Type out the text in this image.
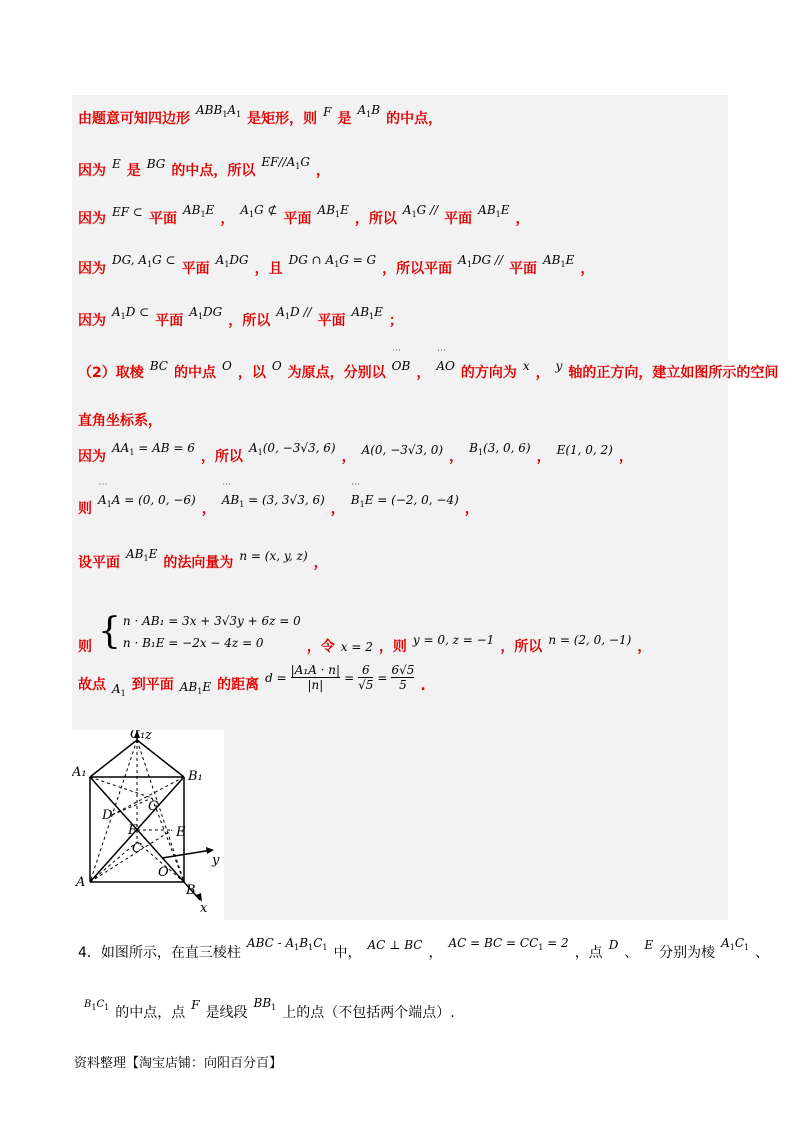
由题意可知四边形
$ABB_1A_1$ 是矩形，则 F 是
$A_1B$
的中点，
因为 E 是 BG 的中点，所以
$EF//A_1G$
，
因为 EF ⊂ 平面
$AB_1E$
，
$A_1G$ ⊄
平面
$AB_1E$
，所以
$A_1G$ //
平面
$AB_1E$
，
因为
DG, $A_1G$ ⊂
平面
$A_1DG$
，且
DG ∩ $A_1G = G$
，所以平面
$A_1DG$ //
平面
$AB_1E$
，
因为
$A_1D$ ⊂
平面
$A_1DG$
，所以
$A_1D$ //
平面
$AB_1E$
；
（2）取棱 BC 的中点 O ，以 O 为原点，分别以 ˙˙˙ OB ， ˙˙˙ AO 的方向为 x ， y 轴的正方向，建立如图所示的空间
直角坐标系，
因为
$AA_1$ = AB = 6
，所以
$A_1(0$, −3√3, 6)
， A(0, −3√3, 0) ，
$B_1(3$, 0, 6)
， E(1, 0, 2) ，
则
˙˙˙ $A_1A = (0$, 0, −6)
，
˙˙˙ $AB_1 = (3$, 3√3, 6)
，
˙˙˙ $B_1E = (-2$, 0, −4)
，
设平面
$AB_1E$
的法向量为 n = (x, y, z) ，
则 { n · AB₁ = 3x + 3√3y + 6z = 0
n · B₁E = −2x − 4z = 0	，令 x = 2 ，则 y = 0, z = −1 ，所以 n = (2, 0, −1) ，
故点 $A_1$
到平面 $AB_1E$ 的距离 $d = \frac{\text{|A₁A · n|}}{|n|} = \frac{6}{√5} = \frac{6√5}{5}$ .
C₁ z
A₁	B₁
G
D
F	E
C
y
A
O
B
x
4．如图所示，在直三棱柱
ABC - $A_1B_1C_1$ 中， AC ⊥ BC ，
AC = BC = $CC_1 = 2$
，点 D 、 E 分别为棱
$A_1C_1$ 、
$B_1C_1$ 的中点，点 F 是线段
$BB_1$ 上的点（不包括两个端点）.
资料整理【淘宝店铺：向阳百分百】
